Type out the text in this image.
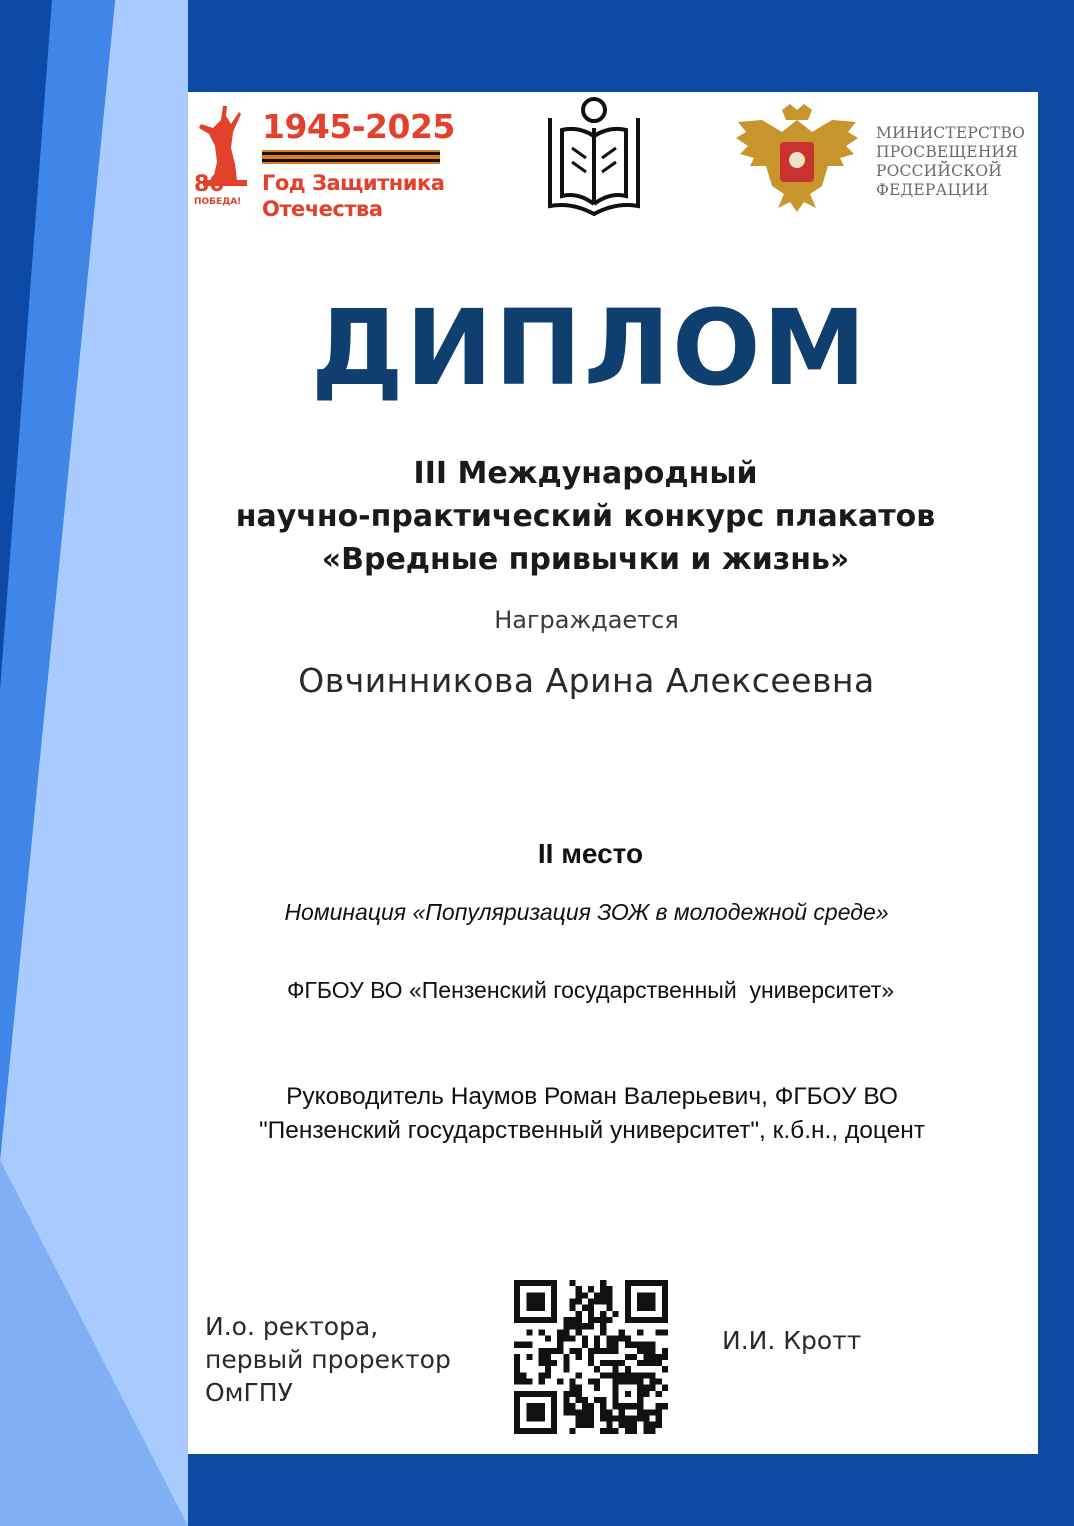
80
ПОБЕДА!
1945-2025
Год Защитника
Отечества
МИНИСТЕРСТВО
ПРОСВЕЩЕНИЯ
РОССИЙСКОЙ
ФЕДЕРАЦИИ
ДИПЛОМ
III Международный
научно-практический конкурс плакатов
«Вредные привычки и жизнь»
Награждается
Овчинникова Арина Алексеевна
II место
Номинация «Популяризация ЗОЖ в молодежной среде»
ФГБОУ ВО «Пензенский государственный  университет»
Руководитель Наумов Роман Валерьевич, ФГБОУ ВО
"Пензенский государственный университет", к.б.н., доцент
И.о. ректора,
первый проректор
ОмГПУ
И.И. Кротт
